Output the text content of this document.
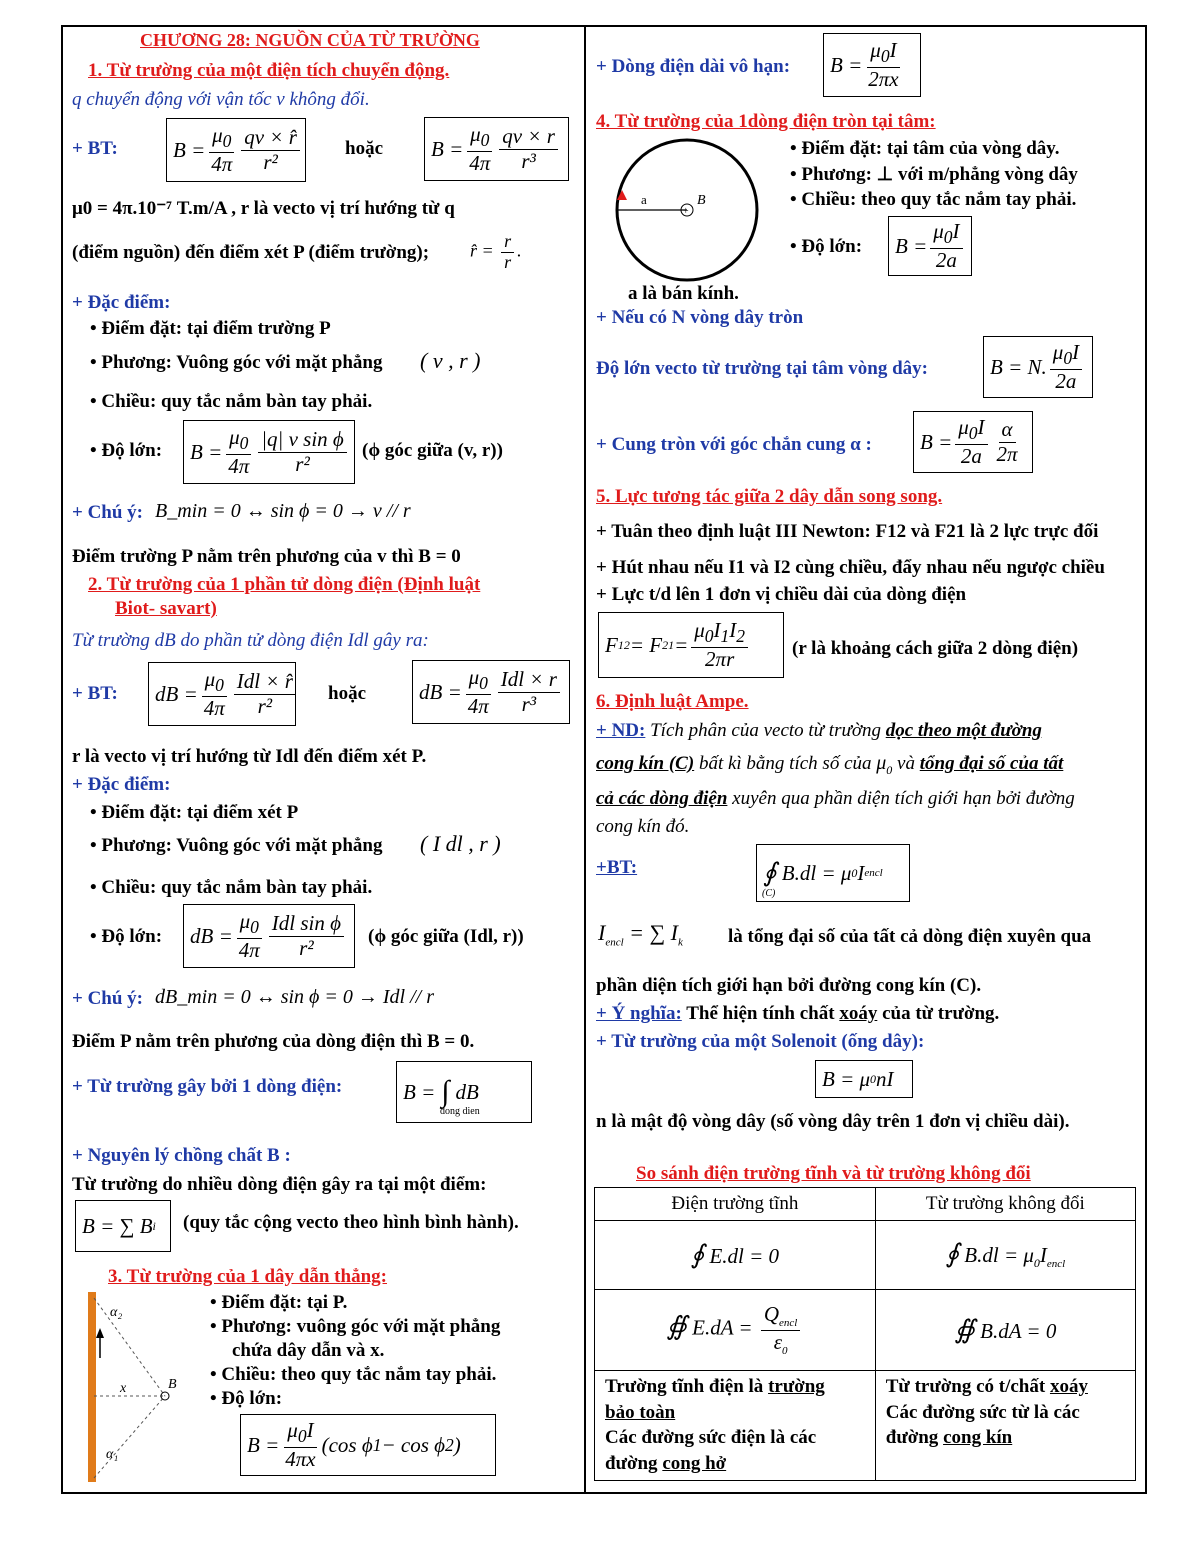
CHƯƠNG 28: NGUỒN CỦA TỪ TRƯỜNG
1. Từ trường của một điện tích chuyển động.
q chuyển động với vận tốc v không đổi.
+ BT:	$B = \frac{\mu_0}{4\pi} \frac{qv \times r̂}{\text{r²}}$ hoặc	$B = \frac{\mu_0}{4\pi} \frac{qv \times r}{\text{r³}}$
μ0 = 4π.10⁻⁷ T.m/A , r là vecto vị trí hướng từ q
(điểm nguồn) đến điểm xét P (điểm trường); r̂ = $\frac{r}{r}$ .
+ Đặc điểm:
• Điểm đặt: tại điểm trường P
• Phương: Vuông góc với mặt phẳng ( v , r )
• Chiều: quy tắc nắm bàn tay phải.
• Độ lớn:	$B = \frac{\mu_0}{4\pi} \frac{\text{|q| v sin ϕ}}{\text{r²}} (\phi$ góc giữa (v, r))
+ Chú ý: B_min = 0 ↔ sin ϕ = 0 → v // r
Điểm trường P nằm trên phương của v thì B = 0
2. Từ trường của 1 phần tử dòng điện (Định luật
Biot- savart)
Từ trường dB do phần tử dòng điện Idl gây ra:
+ BT:	dB = $\frac{\mu_0}{4\pi} \frac{\text{Idl × r̂}}{\text{r²}}$ hoặc	dB = $\frac{\mu_0}{4\pi} \frac{\text{Idl × r}}{\text{r³}}$
r là vecto vị trí hướng từ Idl đến điểm xét P.
+ Đặc điểm:
• Điểm đặt: tại điểm xét P
• Phương: Vuông góc với mặt phẳng ( I dl , r )
• Chiều: quy tắc nắm bàn tay phải.
• Độ lớn:	dB = $\frac{\mu_0}{4\pi} \frac{\text{Idl sin ϕ}}{\text{r²}} (\phi$ góc giữa (Idl, r))
+ Chú ý: dB_min = 0 ↔ sin ϕ = 0 → Idl // r
Điểm P nằm trên phương của dòng điện thì B = 0.
+ Từ trường gây bởi 1 dòng điện:	B = ∫ dB
dong dien
+ Nguyên lý chồng chất B :
Từ trường do nhiều dòng điện gây ra tại một điểm:
B = ∑ B i (quy tắc cộng vecto theo hình bình hành).
3. Từ trường của 1 dây dẫn thẳng:
α₂
α₁
x	B
• Điểm đặt: tại P.
• Phương: vuông góc với mặt phẳng
chứa dây dẫn và x.
• Chiều: theo quy tắc nắm tay phải.
• Độ lớn:
$B = \frac{\mu_0I}{4\pi x} (\cos$ ϕ 1 − cos ϕ 2 )
+ Dòng điện dài vô hạn:	$B = \frac{\mu_0I}{2\pi x}$
4. Từ trường của 1dòng điện tròn tại tâm:
a
+
B
• Điểm đặt: tại tâm của vòng dây.
• Phương: ⊥ với m/phẳng vòng dây
• Chiều: theo quy tắc nắm tay phải.
• Độ lớn:	$B = \frac{\mu_0I}{2a}$
a là bán kính.
+ Nếu có N vòng dây tròn
Độ lớn vecto từ trường tại tâm vòng dây:	B = N. $\frac{\mu_0I}{2a}$
+ Cung tròn với góc chắn cung α :	$B = \frac{\mu_0I}{2a} \frac{\alpha}{2\pi}$
5. Lực tương tác giữa 2 dây dẫn song song.
+ Tuân theo định luật III Newton: F12 và F21 là 2 lực trực đối
+ Hút nhau nếu I1 và I2 cùng chiều, đẩy nhau nếu ngược chiều
+ Lực t/d lên 1 đơn vị chiều dài của dòng điện
F 12 = F $21 = \frac{\mu_0I_1I_2}{2\pi r} (r$ là khoảng cách giữa 2 dòng điện)
6. Định luật Ampe.
+ ND: Tích phân của vecto từ trường dọc theo một đường
cong kín (C) bất kì bằng tích số của $\mu_0$ và tổng đại số của tất
cả các dòng điện xuyên qua phần diện tích giới hạn bởi đường
cong kín đó.
+BT:	∮ B.dl = μ 0 I encl
(C)
$I_{encl}$ = ∑ $I_k$ là tổng đại số của tất cả dòng điện xuyên qua
phần diện tích giới hạn bởi đường cong kín (C).
+ Ý nghĩa: Thể hiện tính chất xoáy của từ trường.
+ Từ trường của một Solenoit (ống dây):
B = μ 0 nI
n là mật độ vòng dây (số vòng dây trên 1 đơn vị chiều dài).
So sánh điện trường tĩnh và từ trường không đổi
Điện trường tĩnh	Từ trường không đổi
∮ E.dl = 0	∮ $B.dl = \mu_0I_{encl}$
∯ $E.dA = \frac{Q_{encl}}{\varepsilon_0}$	∯ B.dA = 0
Trường tĩnh điện là trường
bảo toàn
Các đường sức điện là các
đường cong hở	Từ trường có t/chất xoáy
Các đường sức từ là các
đường cong kín
